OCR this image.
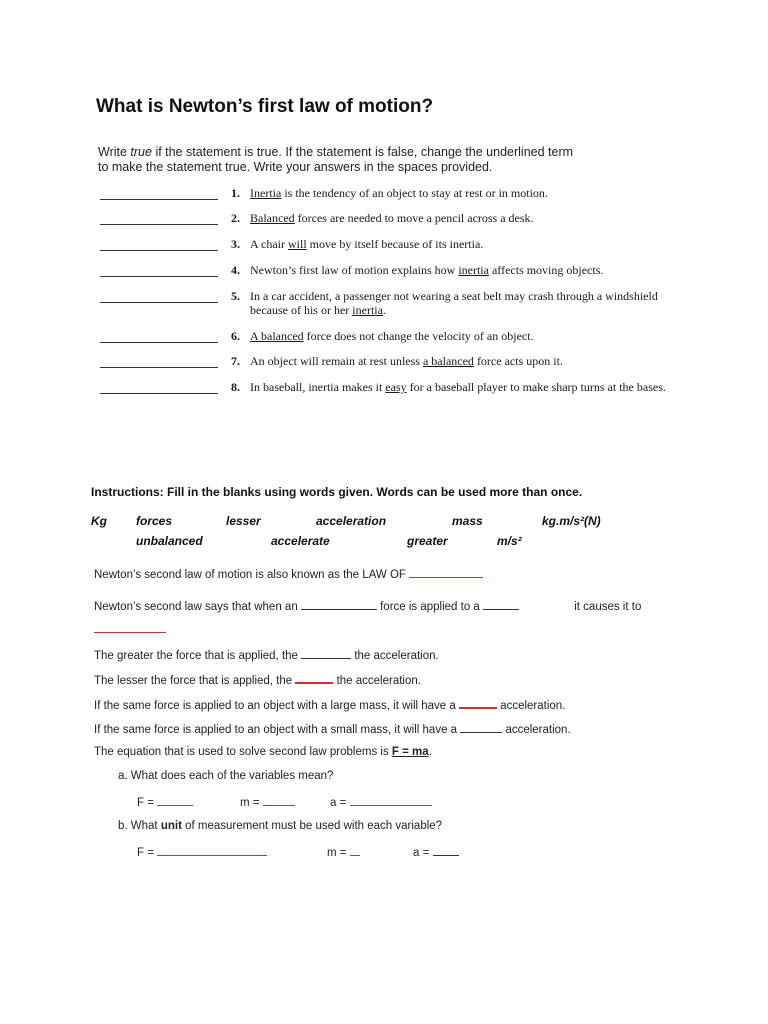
What is Newton’s first law of motion?
Write true if the statement is true. If the statement is false, change the underlined term to make the statement true. Write your answers in the spaces provided.
1. Inertia is the tendency of an object to stay at rest or in motion.
2. Balanced forces are needed to move a pencil across a desk.
3. A chair will move by itself because of its inertia.
4. Newton’s first law of motion explains how inertia affects moving objects.
5. In a car accident, a passenger not wearing a seat belt may crash through a windshield because of his or her inertia.
6. A balanced force does not change the velocity of an object.
7. An object will remain at rest unless a balanced force acts upon it.
8. In baseball, inertia makes it easy for a baseball player to make sharp turns at the bases.
Instructions: Fill in the blanks using words given. Words can be used more than once.
Kg forces	lesser	acceleration	mass	kg.m/s²(N)
unbalanced	accelerate	greater	m/s²
Newton’s second law of motion is also known as the LAW OF
Newton’s second law says that when an	force is applied to a	it causes it to
The greater the force that is applied, the	the acceleration.
The lesser the force that is applied, the	the acceleration.
If the same force is applied to an object with a large mass, it will have a	acceleration.
If the same force is applied to an object with a small mass, it will have a	acceleration.
The equation that is used to solve second law problems is F = ma.
a. What does each of the variables mean?
F =	m =	a =
b. What unit of measurement must be used with each variable?
F =	m =	a =
